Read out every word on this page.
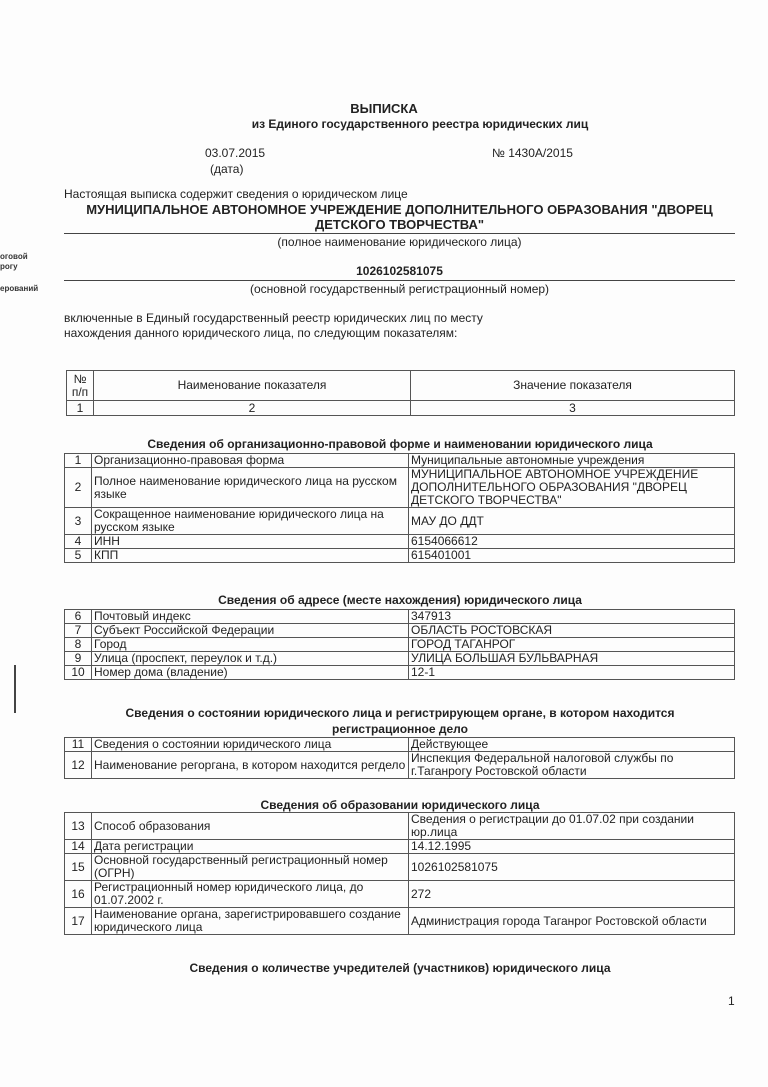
ВЫПИСКА
из Единого государственного реестра юридических лиц
03.07.2015
(дата)
№ 1430А/2015
Настоящая выписка содержит сведения о юридическом лице
МУНИЦИПАЛЬНОЕ АВТОНОМНОЕ УЧРЕЖДЕНИЕ ДОПОЛНИТЕЛЬНОГО ОБРАЗОВАНИЯ "ДВОРЕЦ
ДЕТСКОГО ТВОРЧЕСТВА"
(полное наименование юридического лица)
1026102581075
(основной государственный регистрационный номер)
включенные в Единый государственный реестр юридических лиц по месту
нахождения данного юридического лица, по следующим показателям:
оговой
рогу
ерований
№ п/п	Наименование показателя	Значение показателя
1	2	3
Сведения об организационно-правовой форме и наименовании юридического лица
1	Организационно-правовая форма	Муниципальные автономные учреждения
2	Полное наименование юридического лица на русском языке	МУНИЦИПАЛЬНОЕ АВТОНОМНОЕ УЧРЕЖДЕНИЕ ДОПОЛНИТЕЛЬНОГО ОБРАЗОВАНИЯ "ДВОРЕЦ ДЕТСКОГО ТВОРЧЕСТВА"
3	Сокращенное наименование юридического лица на русском языке	МАУ ДО ДДТ
4	ИНН	6154066612
5	КПП	615401001
Сведения об адресе (месте нахождения) юридического лица
6	Почтовый индекс	347913
7	Субъект Российской Федерации	ОБЛАСТЬ РОСТОВСКАЯ
8	Город	ГОРОД ТАГАНРОГ
9	Улица (проспект, переулок и т.д.)	УЛИЦА БОЛЬШАЯ БУЛЬВАРНАЯ
10	Номер дома (владение)	12-1
Сведения о состоянии юридического лица и регистрирующем органе, в котором находится регистрационное дело
11	Сведения о состоянии юридического лица	Действующее
12	Наименование регоргана, в котором находится регдело	Инспекция Федеральной налоговой службы по г.Таганрогу Ростовской области
Сведения об образовании юридического лица
13	Способ образования	Сведения о регистрации до 01.07.02 при создании юр.лица
14	Дата регистрации	14.12.1995
15	Основной государственный регистрационный номер (ОГРН)	1026102581075
16	Регистрационный номер юридического лица, до 01.07.2002 г.	272
17	Наименование органа, зарегистрировавшего создание юридического лица	Администрация города Таганрог Ростовской области
Сведения о количестве учредителей (участников) юридического лица
1
